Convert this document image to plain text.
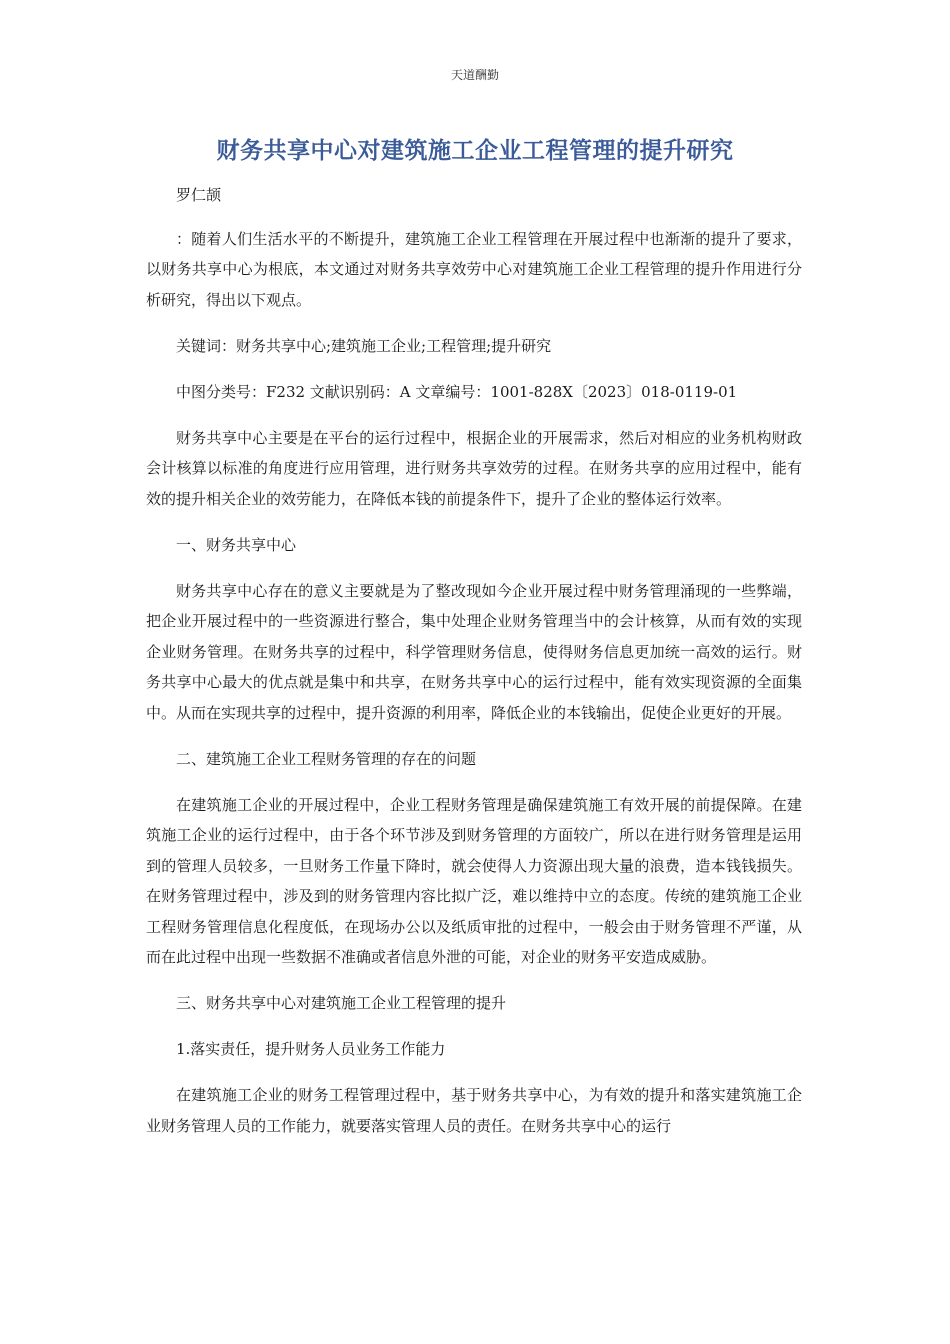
天道酬勤
财务共享中心对建筑施工企业工程管理的提升研究

罗仁颉

：随着人们生活水平的不断提升，建筑施工企业工程管理在开展过程中也渐渐的提升了要求，以财务共享中心为根底，本文通过对财务共享效劳中心对建筑施工企业工程管理的提升作用进行分析研究，得出以下观点。

关键词：财务共享中心;建筑施工企业;工程管理;提升研究

中图分类号：F232 文献识别码：A 文章编号：1001-828X〔2023〕018-0119-01

财务共享中心主要是在平台的运行过程中，根据企业的开展需求，然后对相应的业务机构财政会计核算以标准的角度进行应用管理，进行财务共享效劳的过程。在财务共享的应用过程中，能有效的提升相关企业的效劳能力，在降低本钱的前提条件下，提升了企业的整体运行效率。

一、财务共享中心

财务共享中心存在的意义主要就是为了整改现如今企业开展过程中财务管理涌现的一些弊端，把企业开展过程中的一些资源进行整合，集中处理企业财务管理当中的会计核算，从而有效的实现企业财务管理。在财务共享的过程中，科学管理财务信息，使得财务信息更加统一高效的运行。财务共享中心最大的优点就是集中和共享，在财务共享中心的运行过程中，能有效实现资源的全面集中。从而在实现共享的过程中，提升资源的利用率，降低企业的本钱输出，促使企业更好的开展。

二、建筑施工企业工程财务管理的存在的问题

在建筑施工企业的开展过程中，企业工程财务管理是确保建筑施工有效开展的前提保障。在建筑施工企业的运行过程中，由于各个环节涉及到财务管理的方面较广，所以在进行财务管理是运用到的管理人员较多，一旦财务工作量下降时，就会使得人力资源出现大量的浪费，造本钱钱损失。在财务管理过程中，涉及到的财务管理内容比拟广泛，难以维持中立的态度。传统的建筑施工企业工程财务管理信息化程度低，在现场办公以及纸质审批的过程中，一般会由于财务管理不严谨，从而在此过程中出现一些数据不准确或者信息外泄的可能，对企业的财务平安造成威胁。

三、财务共享中心对建筑施工企业工程管理的提升

1.落实责任，提升财务人员业务工作能力

在建筑施工企业的财务工程管理过程中，基于财务共享中心，为有效的提升和落实建筑施工企业财务管理人员的工作能力，就要落实管理人员的责任。在财务共享中心的运行
